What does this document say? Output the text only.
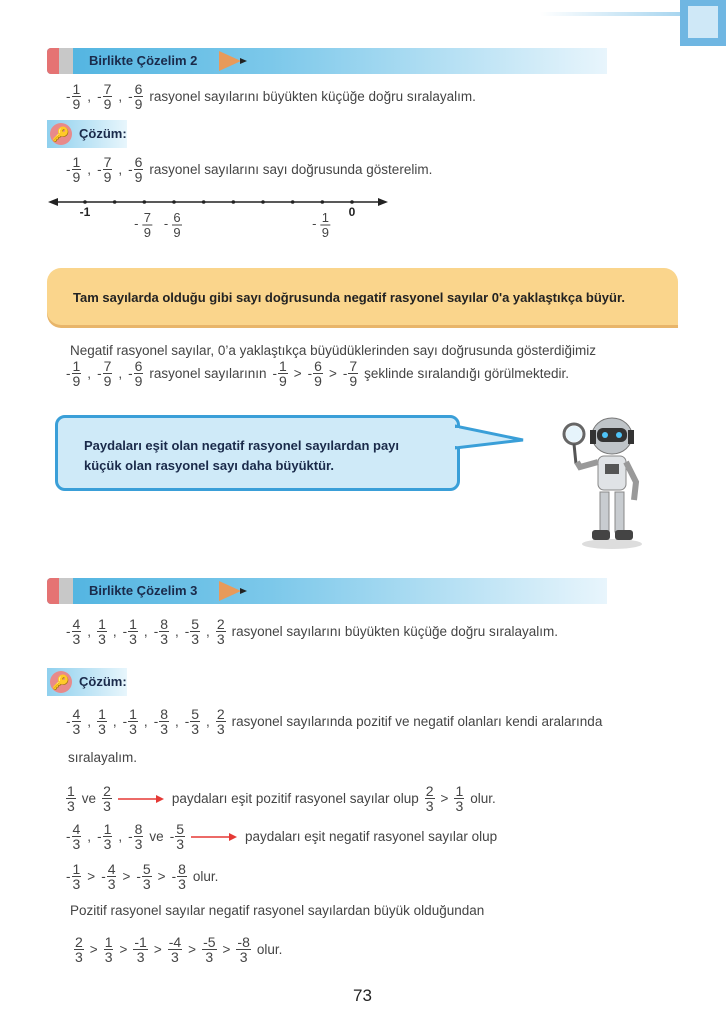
Birlikte Çözelim 2
- $\frac{1}{9}$ , - $\frac{7}{9}$ , - $\frac{6}{9}$ rasyonel sayılarını büyükten küçüğe doğru sıralayalım.
🔑 Çözüm:
- $\frac{1}{9}$ , - $\frac{7}{9}$ , - $\frac{6}{9}$ rasyonel sayılarını sayı doğrusunda gösterelim.
-1	0
- 7
9
- 6
9
- 1
9
Tam sayılarda olduğu gibi sayı doğrusunda negatif rasyonel sayılar 0'a yaklaştıkça büyür.
Negatif rasyonel sayılar, 0’a yaklaştıkça büyüdüklerinden sayı doğrusunda gösterdiğimiz
- $\frac{1}{9}$ , - $\frac{7}{9}$ , - $\frac{6}{9}$ rasyonel sayılarının - $\frac{1}{9}$ > - $\frac{6}{9}$ > - $\frac{7}{9}$ şeklinde sıralandığı görülmektedir.
Paydaları eşit olan negatif rasyonel sayılardan payı
küçük olan rasyonel sayı daha büyüktür.
Birlikte Çözelim 3
- $\frac{4}{3}$ , $\frac{1}{3}$ , - $\frac{1}{3}$ , - $\frac{8}{3}$ , - $\frac{5}{3}$ , $\frac{2}{3}$ rasyonel sayılarını büyükten küçüğe doğru sıralayalım.
🔑 Çözüm:
- $\frac{4}{3}$ , $\frac{1}{3}$ , - $\frac{1}{3}$ , - $\frac{8}{3}$ , - $\frac{5}{3}$ , $\frac{2}{3}$ rasyonel sayılarında pozitif ve negatif olanları kendi aralarında
sıralayalım.
$\frac{1}{3}$ ve $\frac{2}{3}$	paydaları eşit pozitif rasyonel sayılar olup $\frac{2}{3} > \frac{1}{3}$ olur.
- $\frac{4}{3}$ , - $\frac{1}{3}$ , - $\frac{8}{3}$ ve - $\frac{5}{3}$	paydaları eşit negatif rasyonel sayılar olup
- $\frac{1}{3}$ > - $\frac{4}{3}$ > - $\frac{5}{3}$ > - $\frac{8}{3}$ olur.
Pozitif rasyonel sayılar negatif rasyonel sayılardan büyük olduğundan
$\frac{2}{3} > \frac{1}{3} > \frac{-1}{3} > \frac{-4}{3} > \frac{-5}{3} > \frac{-8}{3}$ olur.
73
